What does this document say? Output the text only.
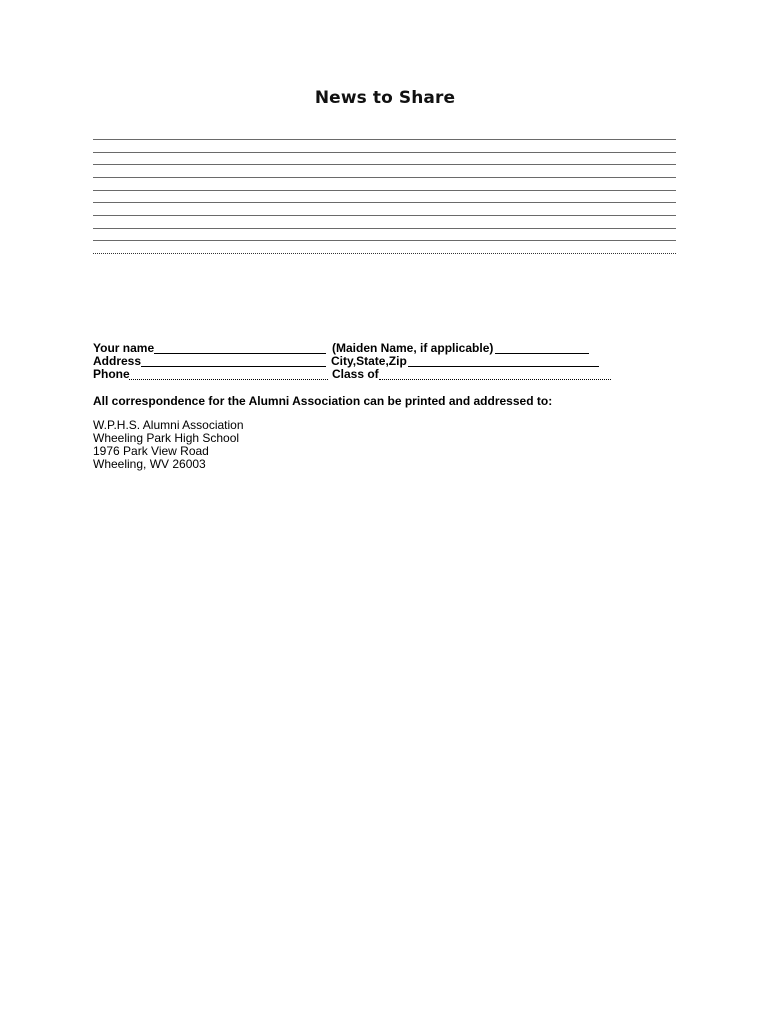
News to Share
Your name	(Maiden Name, if applicable)
Address	City,State,Zip
Phone	Class of
All correspondence for the Alumni Association can be printed and addressed to:
W.P.H.S. Alumni Association
Wheeling Park High School
1976 Park View Road
Wheeling, WV 26003
